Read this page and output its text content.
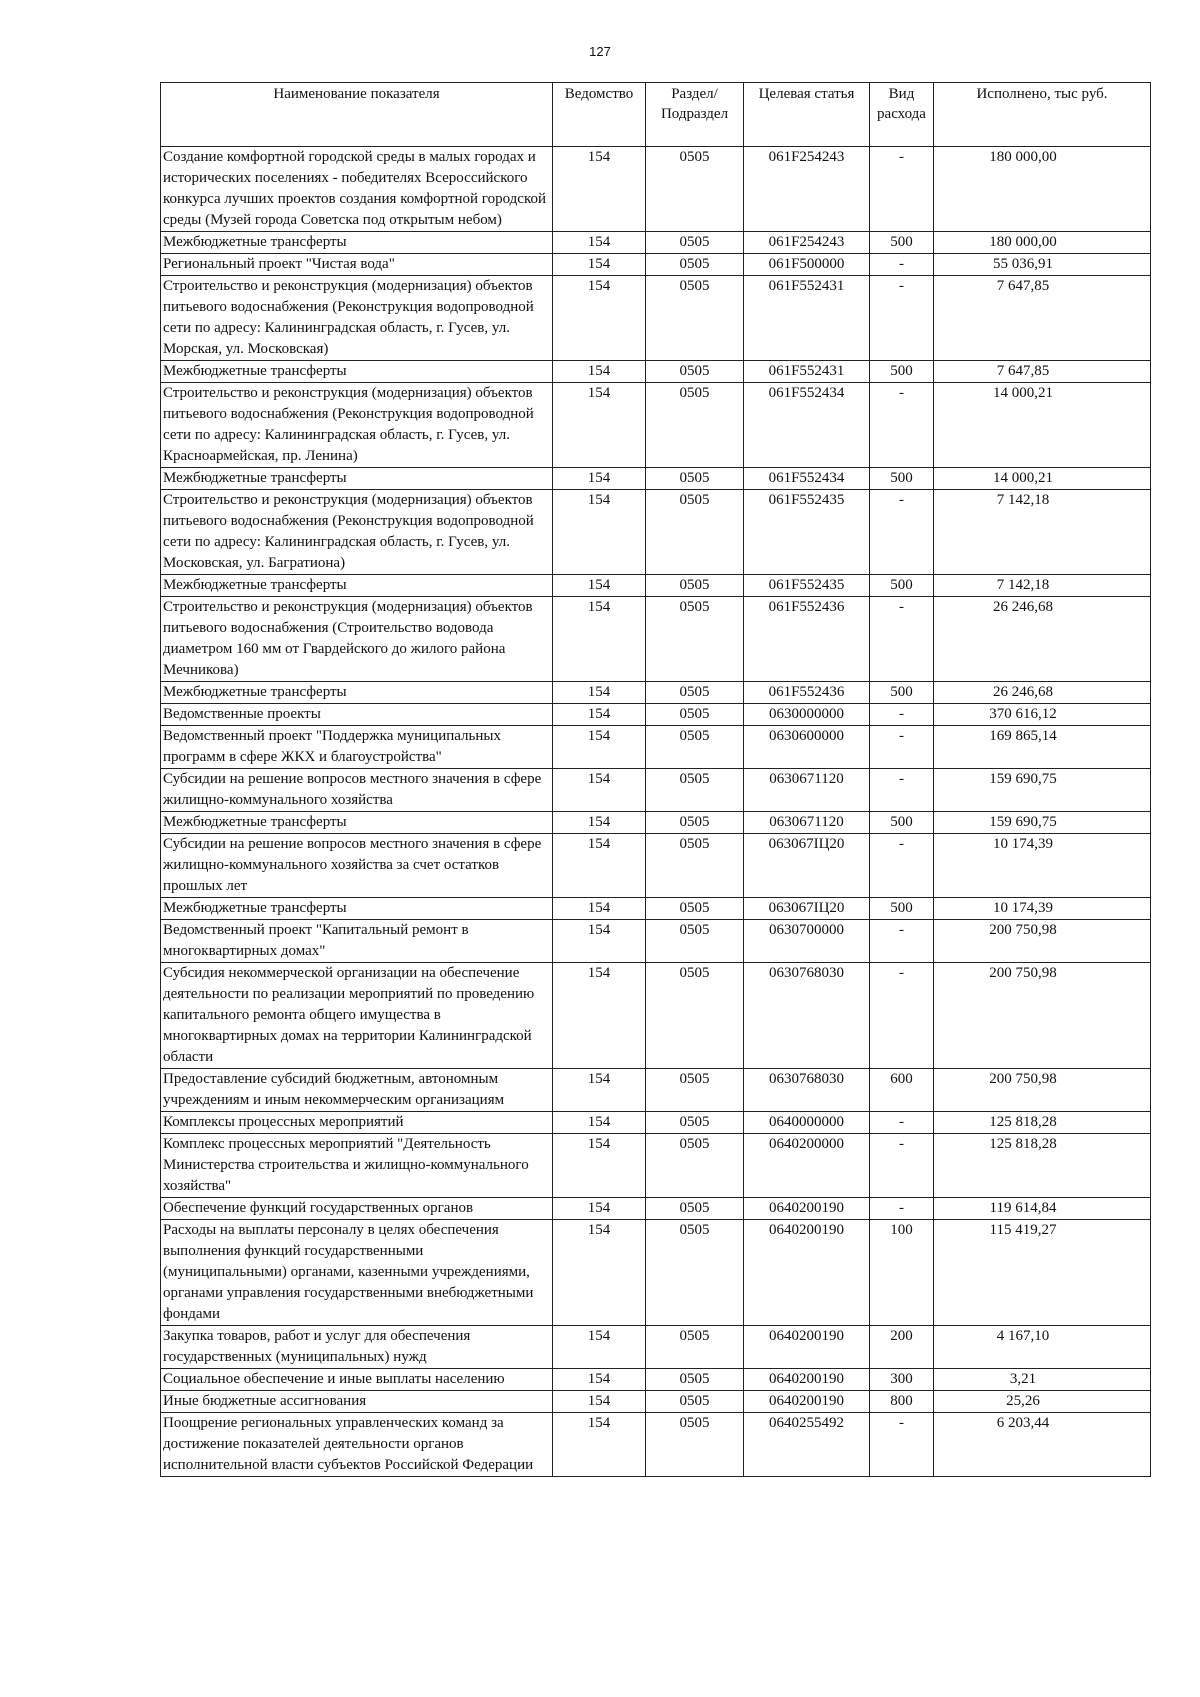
127
Наименование показателя	Ведомство	Раздел/ Подраздел	Целевая статья	Вид расхода	Исполнено, тыс руб.
Создание комфортной городской среды в малых городах и исторических поселениях - победителях Всероссийского конкурса лучших проектов создания комфортной городской среды (Музей города Советска под открытым небом)	154	0505	061F254243	-	180 000,00
Межбюджетные трансферты	154	0505	061F254243	500	180 000,00
Региональный проект "Чистая вода"	154	0505	061F500000	-	55 036,91
Строительство и реконструкция (модернизация) объектов питьевого водоснабжения (Реконструкция водопроводной сети по адресу: Калининградская область, г. Гусев, ул. Морская, ул. Московская)	154	0505	061F552431	-	7 647,85
Межбюджетные трансферты	154	0505	061F552431	500	7 647,85
Строительство и реконструкция (модернизация) объектов питьевого водоснабжения (Реконструкция водопроводной сети по адресу: Калининградская область, г. Гусев, ул. Красноармейская, пр. Ленина)	154	0505	061F552434	-	14 000,21
Межбюджетные трансферты	154	0505	061F552434	500	14 000,21
Строительство и реконструкция (модернизация) объектов питьевого водоснабжения (Реконструкция водопроводной сети по адресу: Калининградская область, г. Гусев, ул. Московская, ул. Багратиона)	154	0505	061F552435	-	7 142,18
Межбюджетные трансферты	154	0505	061F552435	500	7 142,18
Строительство и реконструкция (модернизация) объектов питьевого водоснабжения (Строительство водовода диаметром 160 мм от Гвардейского до жилого района Мечникова)	154	0505	061F552436	-	26 246,68
Межбюджетные трансферты	154	0505	061F552436	500	26 246,68
Ведомственные проекты	154	0505	0630000000	-	370 616,12
Ведомственный проект "Поддержка муниципальных программ в сфере ЖКХ и благоустройства"	154	0505	0630600000	-	169 865,14
Субсидии на решение вопросов местного значения в сфере жилищно-коммунального хозяйства	154	0505	0630671120	-	159 690,75
Межбюджетные трансферты	154	0505	0630671120	500	159 690,75
Субсидии на решение вопросов местного значения в сфере жилищно-коммунального хозяйства за счет остатков прошлых лет	154	0505	063067IЦ20	-	10 174,39
Межбюджетные трансферты	154	0505	063067IЦ20	500	10 174,39
Ведомственный проект "Капитальный ремонт в многоквартирных домах"	154	0505	0630700000	-	200 750,98
Субсидия некоммерческой организации на обеспечение деятельности по реализации мероприятий по проведению капитального ремонта общего имущества в многоквартирных домах на территории Калининградской области	154	0505	0630768030	-	200 750,98
Предоставление субсидий бюджетным, автономным учреждениям и иным некоммерческим организациям	154	0505	0630768030	600	200 750,98
Комплексы процессных мероприятий	154	0505	0640000000	-	125 818,28
Комплекс процессных мероприятий "Деятельность Министерства строительства и жилищно-коммунального хозяйства"	154	0505	0640200000	-	125 818,28
Обеспечение функций государственных органов	154	0505	0640200190	-	119 614,84
Расходы на выплаты персоналу в целях обеспечения выполнения функций государственными (муниципальными) органами, казенными учреждениями, органами управления государственными внебюджетными фондами	154	0505	0640200190	100	115 419,27
Закупка товаров, работ и услуг для обеспечения государственных (муниципальных) нужд	154	0505	0640200190	200	4 167,10
Социальное обеспечение и иные выплаты населению	154	0505	0640200190	300	3,21
Иные бюджетные ассигнования	154	0505	0640200190	800	25,26
Поощрение региональных управленческих команд за достижение показателей деятельности органов исполнительной власти субъектов Российской Федерации	154	0505	0640255492	-	6 203,44
